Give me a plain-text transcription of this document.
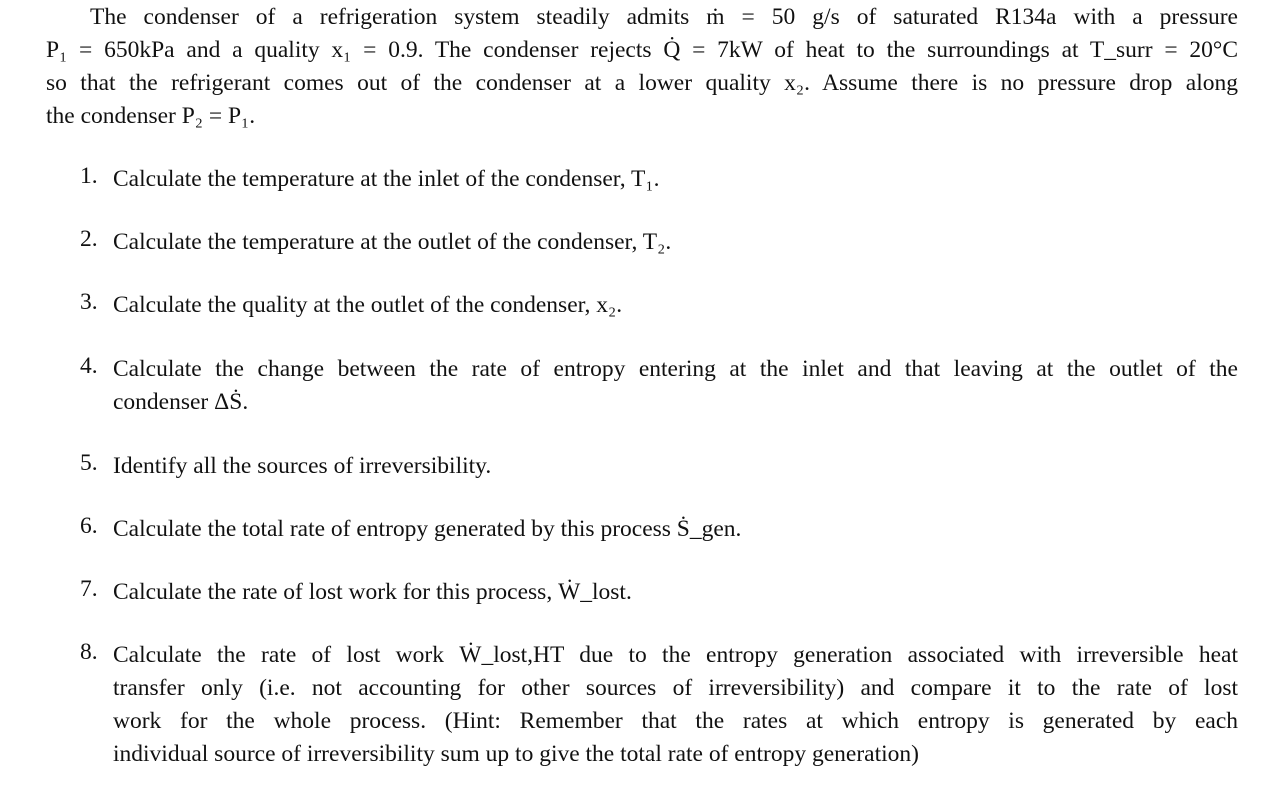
The condenser of a refrigeration system steadily admits ṁ = 50 g/s of saturated R134a with a pressure
P₁ = 650kPa and a quality x₁ = 0.9. The condenser rejects Q̇ = 7kW of heat to the surroundings at T_surr = 20°C
so that the refrigerant comes out of the condenser at a lower quality x₂. Assume there is no pressure drop along
the condenser P₂ = P₁.
1. Calculate the temperature at the inlet of the condenser, T₁.
2. Calculate the temperature at the outlet of the condenser, T₂.
3. Calculate the quality at the outlet of the condenser, x₂.
4. Calculate the change between the rate of entropy entering at the inlet and that leaving at the outlet of the
condenser ΔṠ.
5. Identify all the sources of irreversibility.
6. Calculate the total rate of entropy generated by this process Ṡ_gen.
7. Calculate the rate of lost work for this process, Ẇ_lost.
8. Calculate the rate of lost work Ẇ_lost,HT due to the entropy generation associated with irreversible heat
transfer only (i.e. not accounting for other sources of irreversibility) and compare it to the rate of lost
work for the whole process. (Hint: Remember that the rates at which entropy is generated by each
individual source of irreversibility sum up to give the total rate of entropy generation)
